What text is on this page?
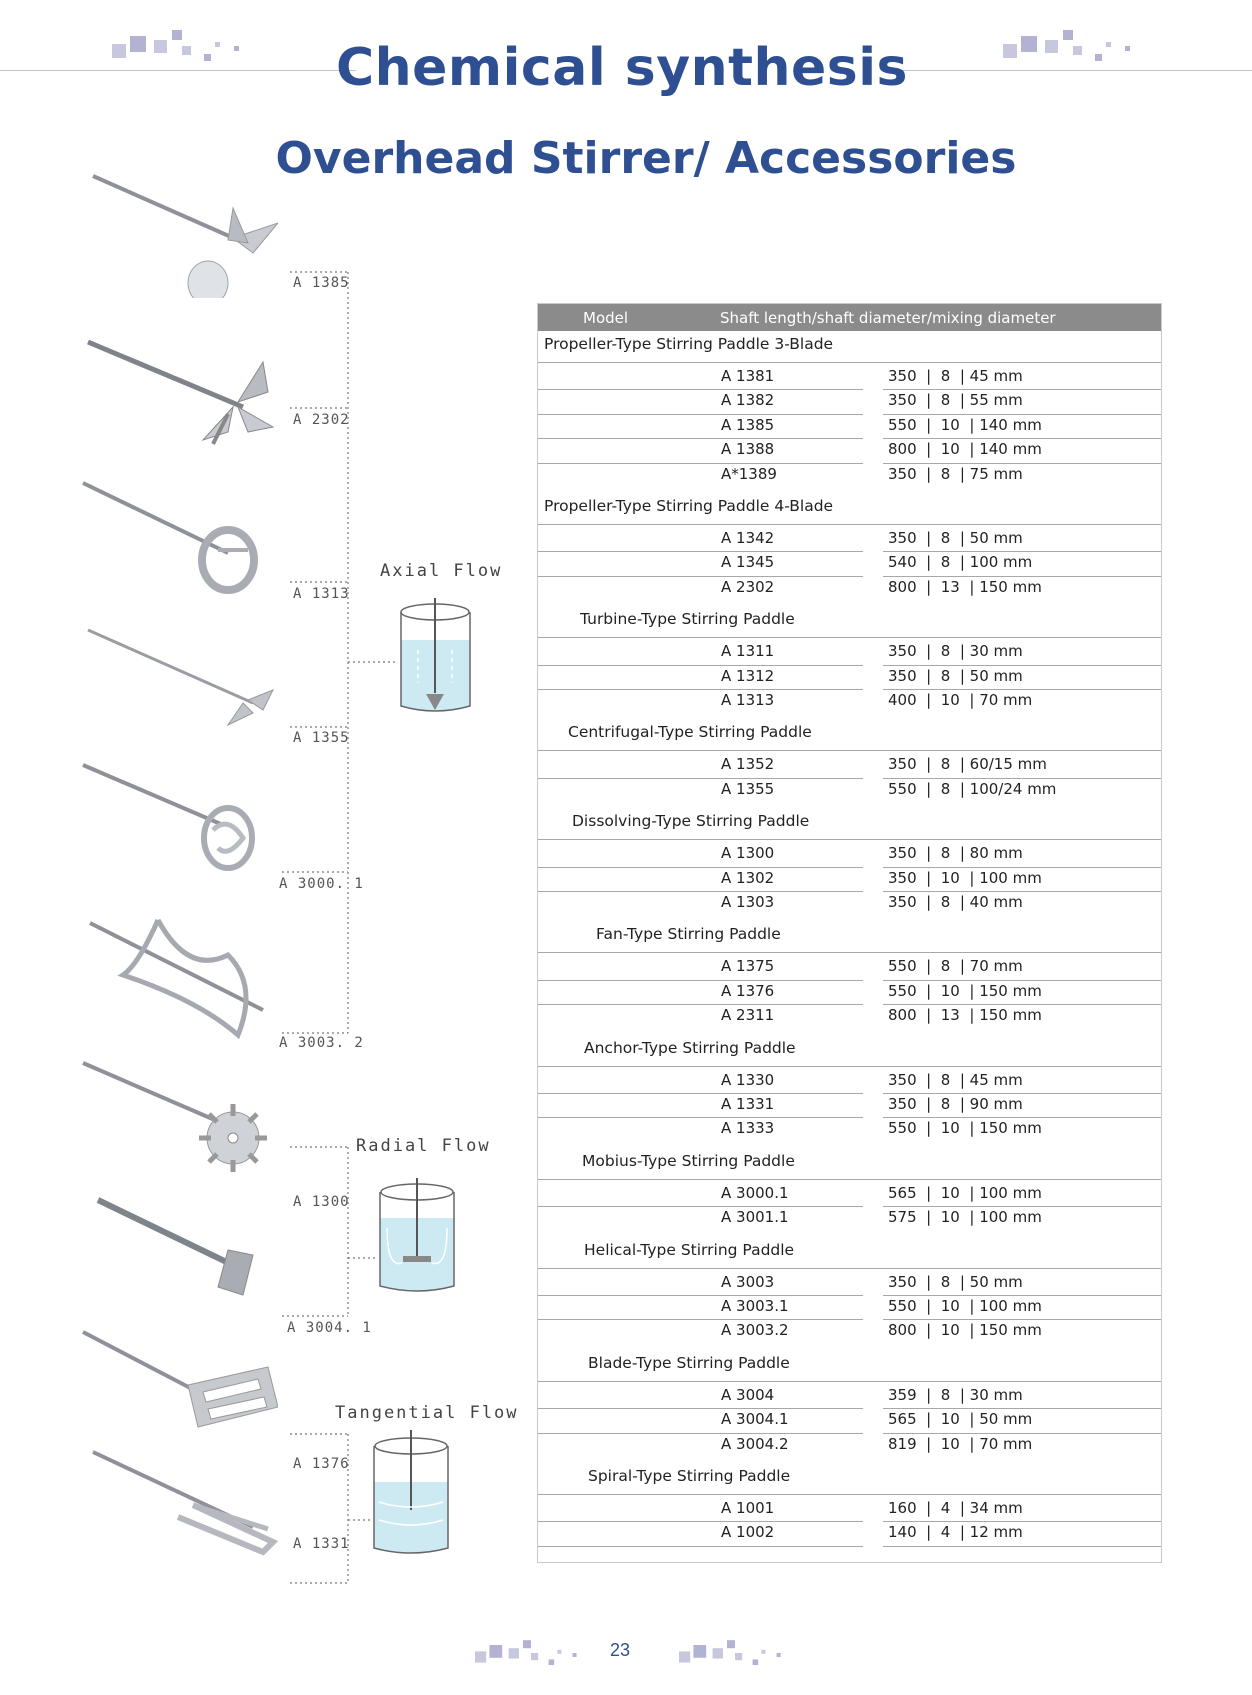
Chemical synthesis
Overhead Stirrer/ Accessories
A 1385
A 2302
A 1313
A 1355
A 3000. 1
A 3003. 2
A 1300
A 3004. 1
A 1376
A 1331
Axial Flow
Radial Flow
Tangential Flow
Model	Shaft length/shaft diameter/mixing diameter
Propeller-Type Stirring Paddle 3-Blade
A 1381	350  |  8  | 45 mm
A 1382	350  |  8  | 55 mm
A 1385	550  |  10  | 140 mm
A 1388	800  |  10  | 140 mm
A*1389	350  |  8  | 75 mm
Propeller-Type Stirring Paddle 4-Blade
A 1342	350  |  8  | 50 mm
A 1345	540  |  8  | 100 mm
A 2302	800  |  13  | 150 mm
Turbine-Type Stirring Paddle
A 1311	350  |  8  | 30 mm
A 1312	350  |  8  | 50 mm
A 1313	400  |  10  | 70 mm
Centrifugal-Type Stirring Paddle
A 1352	350  |  8  | 60/15 mm
A 1355	550  |  8  | 100/24 mm
Dissolving-Type Stirring Paddle
A 1300	350  |  8  | 80 mm
A 1302	350  |  10  | 100 mm
A 1303	350  |  8  | 40 mm
Fan-Type Stirring Paddle
A 1375	550  |  8  | 70 mm
A 1376	550  |  10  | 150 mm
A 2311	800  |  13  | 150 mm
Anchor-Type Stirring Paddle
A 1330	350  |  8  | 45 mm
A 1331	350  |  8  | 90 mm
A 1333	550  |  10  | 150 mm
Mobius-Type Stirring Paddle
A 3000.1	565  |  10  | 100 mm
A 3001.1	575  |  10  | 100 mm
Helical-Type Stirring Paddle
A 3003	350  |  8  | 50 mm
A 3003.1	550  |  10  | 100 mm
A 3003.2	800  |  10  | 150 mm
Blade-Type Stirring Paddle
A 3004	359  |  8  | 30 mm
A 3004.1	565  |  10  | 50 mm
A 3004.2	819  |  10  | 70 mm
Spiral-Type Stirring Paddle
A 1001	160  |  4  | 34 mm
A 1002	140  |  4  | 12 mm
23
